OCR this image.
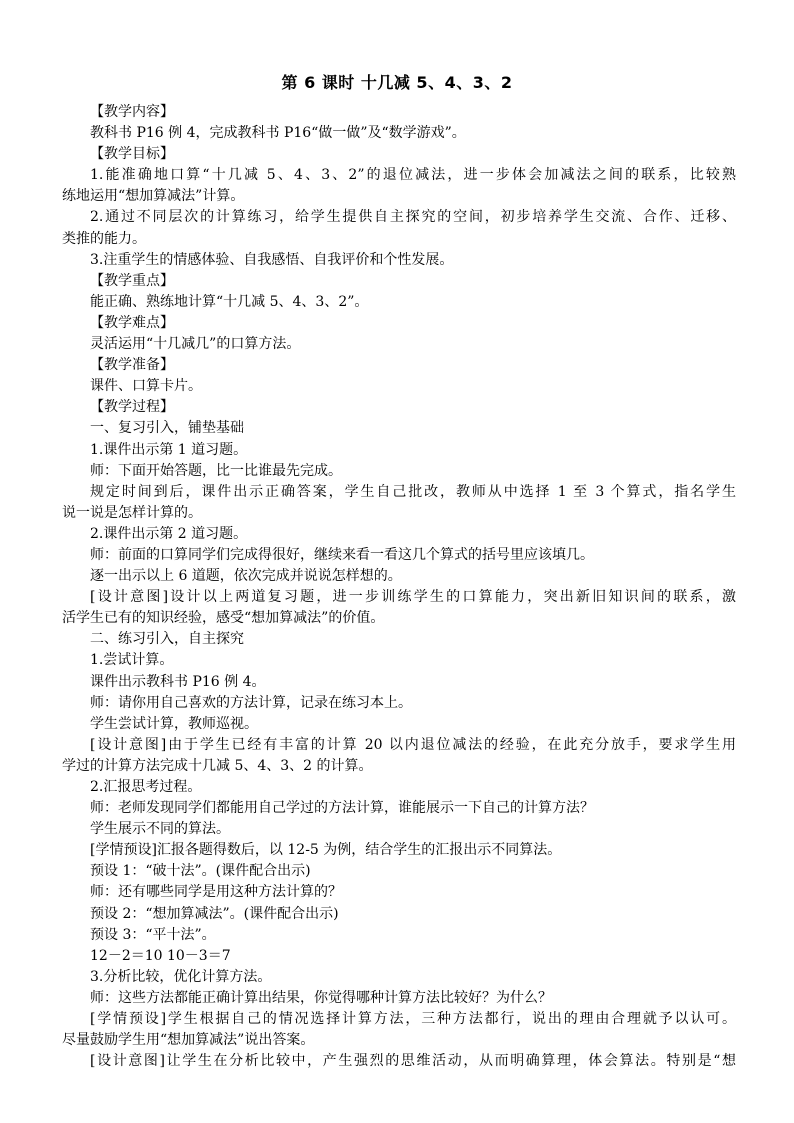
第 6 课时 十几减 5、4、3、2
【教学内容】
教科书 P16 例 4，完成教科书 P16“做一做”及“数学游戏”。
【教学目标】
1.能准确地口算“十几减 5、4、3、2”的退位减法，进一步体会加减法之间的联系，比较熟
练地运用“想加算减法”计算。
2.通过不同层次的计算练习，给学生提供自主探究的空间，初步培养学生交流、合作、迁移、
类推的能力。
3.注重学生的情感体验、自我感悟、自我评价和个性发展。
【教学重点】
能正确、熟练地计算“十几减 5、4、3、2”。
【教学难点】
灵活运用“十几减几”的口算方法。
【教学准备】
课件、口算卡片。
【教学过程】
一、复习引入，铺垫基础
1.课件出示第 1 道习题。
师：下面开始答题，比一比谁最先完成。
规定时间到后，课件出示正确答案，学生自己批改，教师从中选择 1 至 3 个算式，指名学生
说一说是怎样计算的。
2.课件出示第 2 道习题。
师：前面的口算同学们完成得很好，继续来看一看这几个算式的括号里应该填几。
逐一出示以上 6 道题，依次完成并说说怎样想的。
[设计意图]设计以上两道复习题，进一步训练学生的口算能力，突出新旧知识间的联系，激
活学生已有的知识经验，感受“想加算减法”的价值。
二、练习引入，自主探究
1.尝试计算。
课件出示教科书 P16 例 4。
师：请你用自己喜欢的方法计算，记录在练习本上。
学生尝试计算，教师巡视。
[设计意图]由于学生已经有丰富的计算 20 以内退位减法的经验，在此充分放手，要求学生用
学过的计算方法完成十几减 5、4、3、2 的计算。
2.汇报思考过程。
师：老师发现同学们都能用自己学过的方法计算，谁能展示一下自己的计算方法？
学生展示不同的算法。
[学情预设]汇报各题得数后，以 12-5 为例，结合学生的汇报出示不同算法。
预设 1：“破十法”。(课件配合出示)
师：还有哪些同学是用这种方法计算的？
预设 2：“想加算减法”。(课件配合出示)
预设 3：“平十法”。
12－2＝10 10－3＝7
3.分析比较，优化计算方法。
师：这些方法都能正确计算出结果，你觉得哪种计算方法比较好？为什么？
[学情预设]学生根据自己的情况选择计算方法，三种方法都行，说出的理由合理就予以认可。
尽量鼓励学生用“想加算减法”说出答案。
[设计意图]让学生在分析比较中，产生强烈的思维活动，从而明确算理，体会算法。特别是“想
